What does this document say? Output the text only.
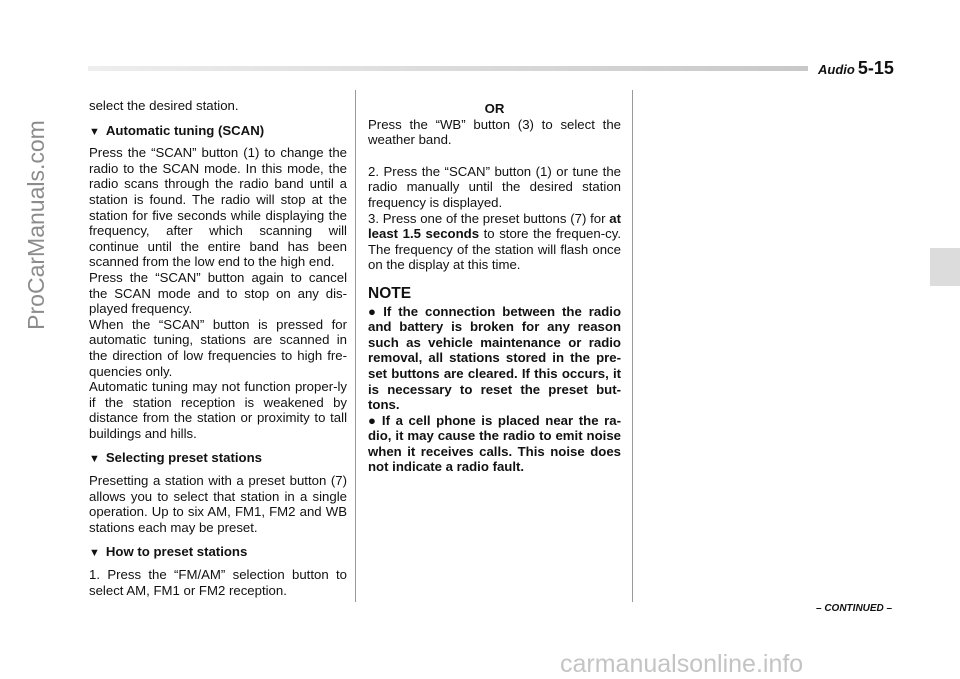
Audio 5-15
ProCarManuals.com

select the desired station.

▼ Automatic tuning (SCAN)

Press the “SCAN” button (1) to change the radio to the SCAN mode. In this mode, the radio scans through the radio band until a station is found. The radio will stop at the station for five seconds while displaying the frequency, after which scanning will continue until the entire band has been scanned from the low end to the high end.

Press the “SCAN” button again to cancel the SCAN mode and to stop on any dis-played frequency.

When the “SCAN” button is pressed for automatic tuning, stations are scanned in the direction of low frequencies to high fre-quencies only.

Automatic tuning may not function proper-ly if the station reception is weakened by distance from the station or proximity to tall buildings and hills.

▼ Selecting preset stations

Presetting a station with a preset button (7) allows you to select that station in a single operation. Up to six AM, FM1, FM2 and WB stations each may be preset.

▼ How to preset stations

1. Press the “FM/AM” selection button to select AM, FM1 or FM2 reception.

OR

Press the “WB” button (3) to select the weather band.

2. Press the “SCAN” button (1) or tune the radio manually until the desired station frequency is displayed.

3. Press one of the preset buttons (7) for at least 1.5 seconds to store the frequen-cy. The frequency of the station will flash once on the display at this time.

NOTE

● If the connection between the radio and battery is broken for any reason such as vehicle maintenance or radio removal, all stations stored in the pre-set buttons are cleared. If this occurs, it is necessary to reset the preset but-tons.

● If a cell phone is placed near the ra-dio, it may cause the radio to emit noise when it receives calls. This noise does not indicate a radio fault.

– CONTINUED –
carmanualsonline.info
